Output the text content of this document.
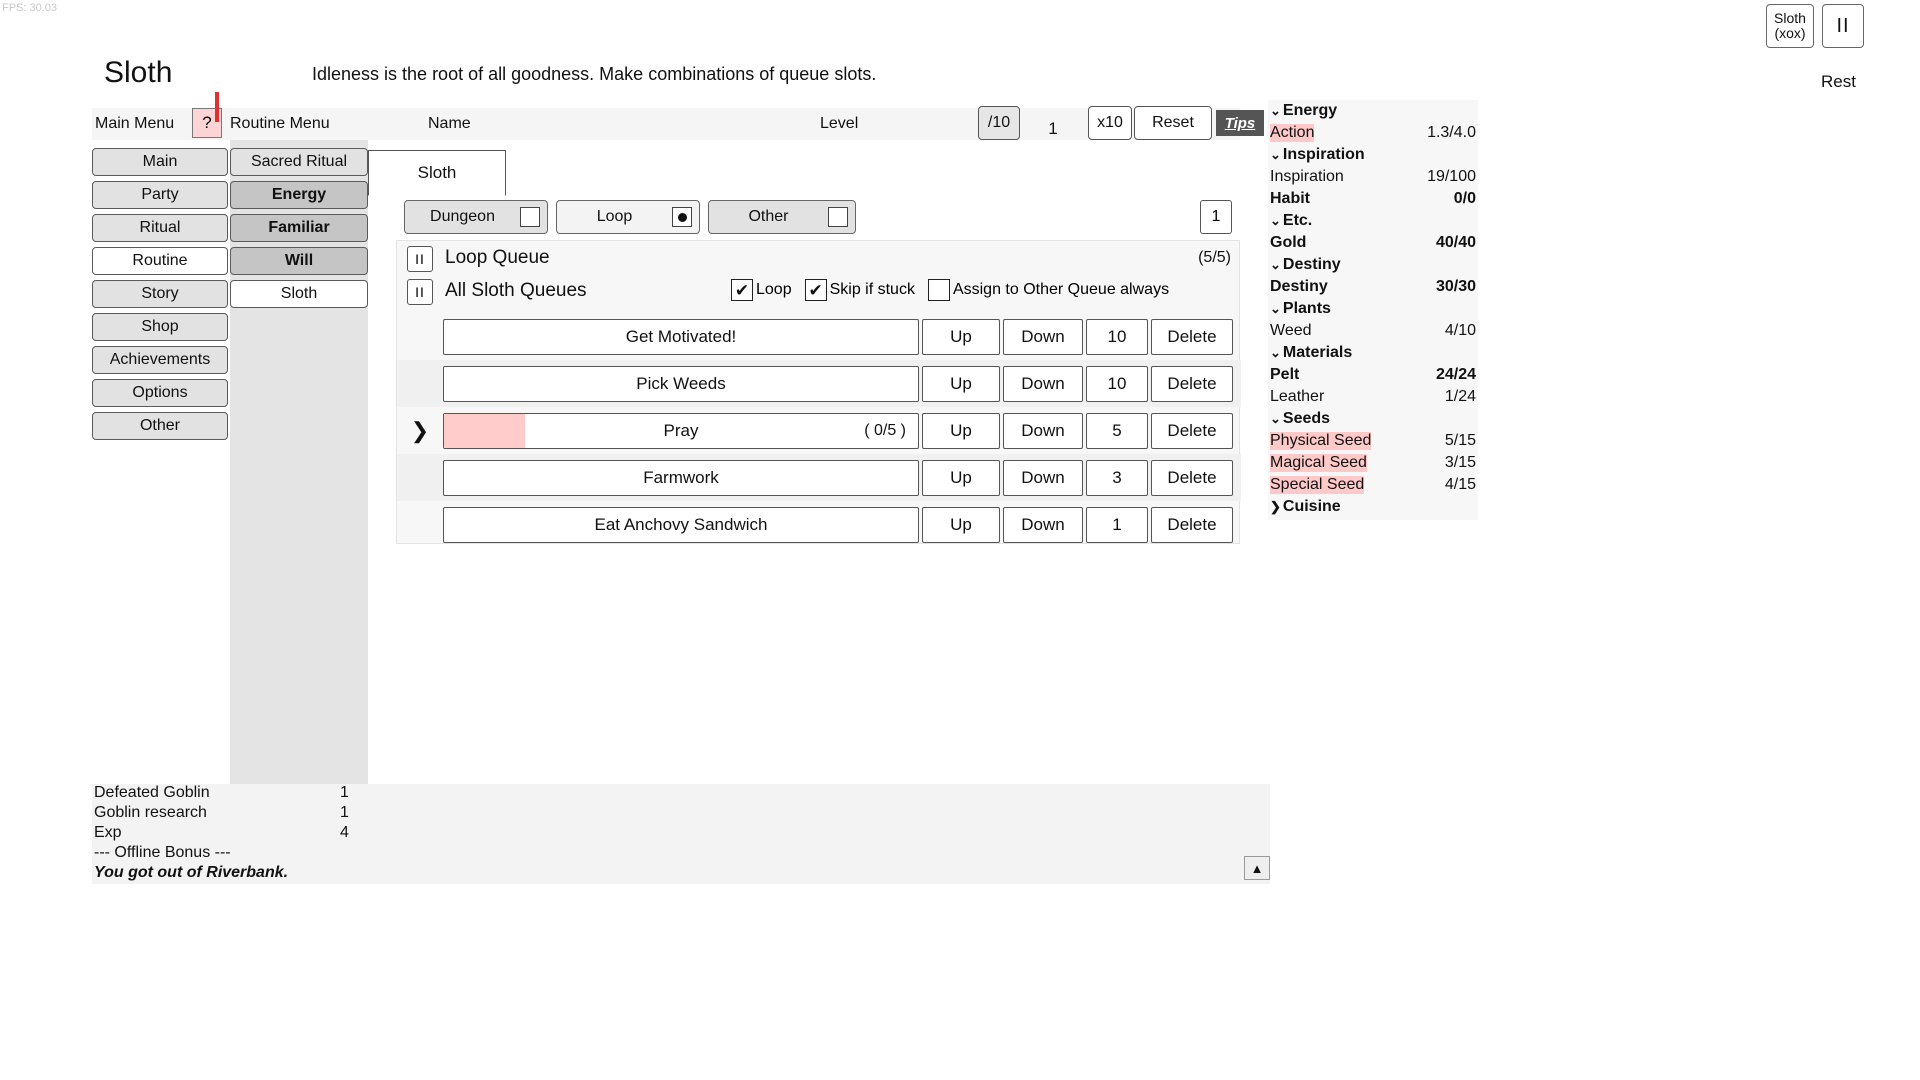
FPS: 30.03
Sloth
(xox)	II
Sloth	Idleness is the root of all goodness. Make combinations of queue slots.	Rest
Main Menu	Routine Menu	Name	Level
?	/10	1	x10	Reset	Tips
Main
Party
Ritual
Routine
Story
Shop
Achievements
Options
Other
Sacred Ritual
Energy
Familiar
Will
Sloth
Sloth
Dungeon	Loop	Other	1
II	Loop Queue	(5/5)
II	All Sloth Queues	✔ Loop ✔ Skip if stuck Assign to Other Queue always
Get Motivated!	Up	Down	10	Delete
Pick Weeds	Up	Down	10	Delete
❯	Pray	( 0/5 )	Up	Down	5	Delete
Farmwork	Up	Down	3	Delete
Eat Anchovy Sandwich	Up	Down	1	Delete
⌄ Energy
Action	1.3/4.0
⌄ Inspiration
Inspiration	19/100
Habit	0/0
⌄ Etc.
Gold	40/40
⌄ Destiny
Destiny	30/30
⌄ Plants
Weed	4/10
⌄ Materials
Pelt	24/24
Leather	1/24
⌄ Seeds
Physical Seed	5/15
Magical Seed	3/15
Special Seed	4/15
❯ Cuisine
Defeated Goblin	1
Goblin research	1
Exp	4
--- Offline Bonus ---
You got out of Riverbank.	▲
